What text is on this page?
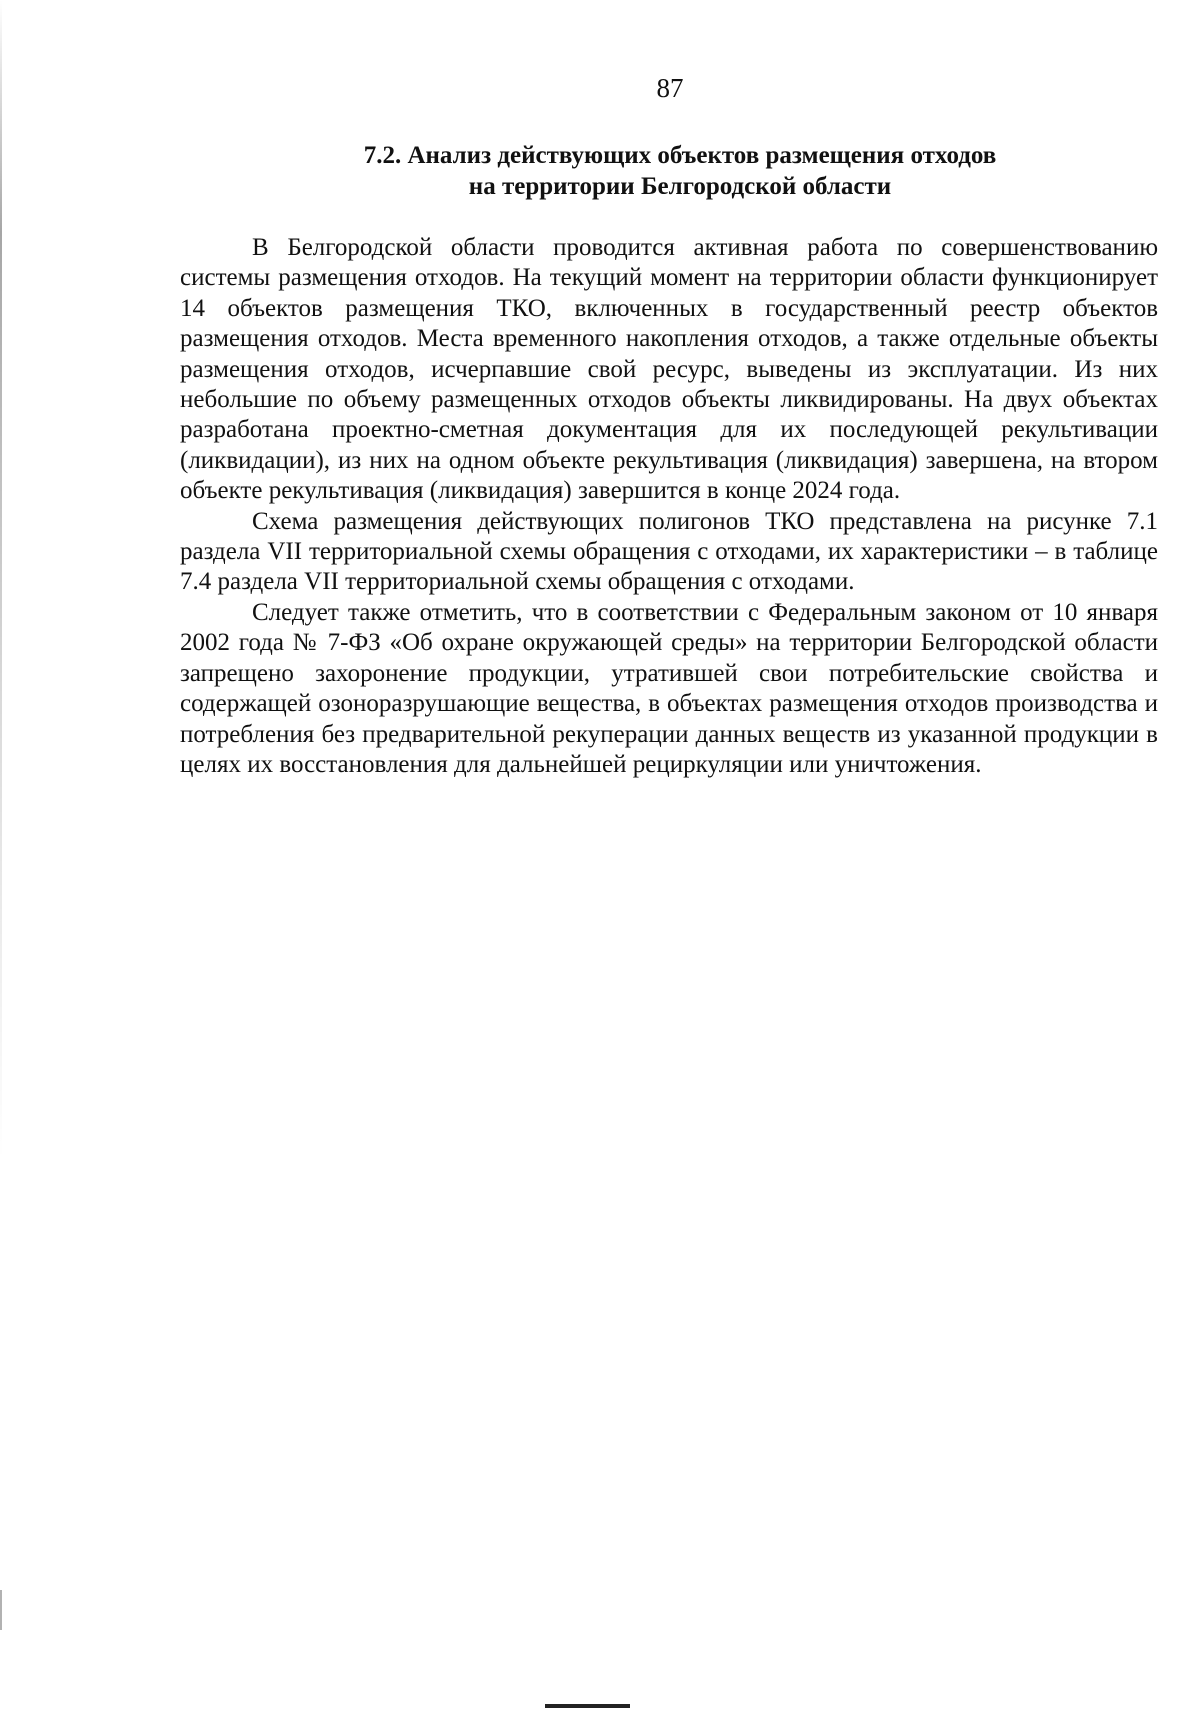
87
7.2. Анализ действующих объектов размещения отходов
на территории Белгородской области

В Белгородской области проводится активная работа по совершенствованию системы размещения отходов. На текущий момент на территории области функционирует 14 объектов размещения ТКО, включенных в государственный реестр объектов размещения отходов. Места временного накопления отходов, а также отдельные объекты размещения отходов, исчерпавшие свой ресурс, выведены из эксплуатации. Из них небольшие по объему размещенных отходов объекты ликвидированы. На двух объектах разработана проектно-сметная документация для их последующей рекультивации (ликвидации), из них на одном объекте рекультивация (ликвидация) завершена, на втором объекте рекультивация (ликвидация) завершится в конце 2024 года.

Схема размещения действующих полигонов ТКО представлена на рисунке 7.1 раздела VII территориальной схемы обращения с отходами, их характеристики – в таблице 7.4 раздела VII территориальной схемы обращения с отходами.

Следует также отметить, что в соответствии с Федеральным законом от 10 января 2002 года № 7-ФЗ «Об охране окружающей среды» на территории Белгородской области запрещено захоронение продукции, утратившей свои потребительские свойства и содержащей озоноразрушающие вещества, в объектах размещения отходов производства и потребления без предварительной рекуперации данных веществ из указанной продукции в целях их восстановления для дальнейшей рециркуляции или уничтожения.
